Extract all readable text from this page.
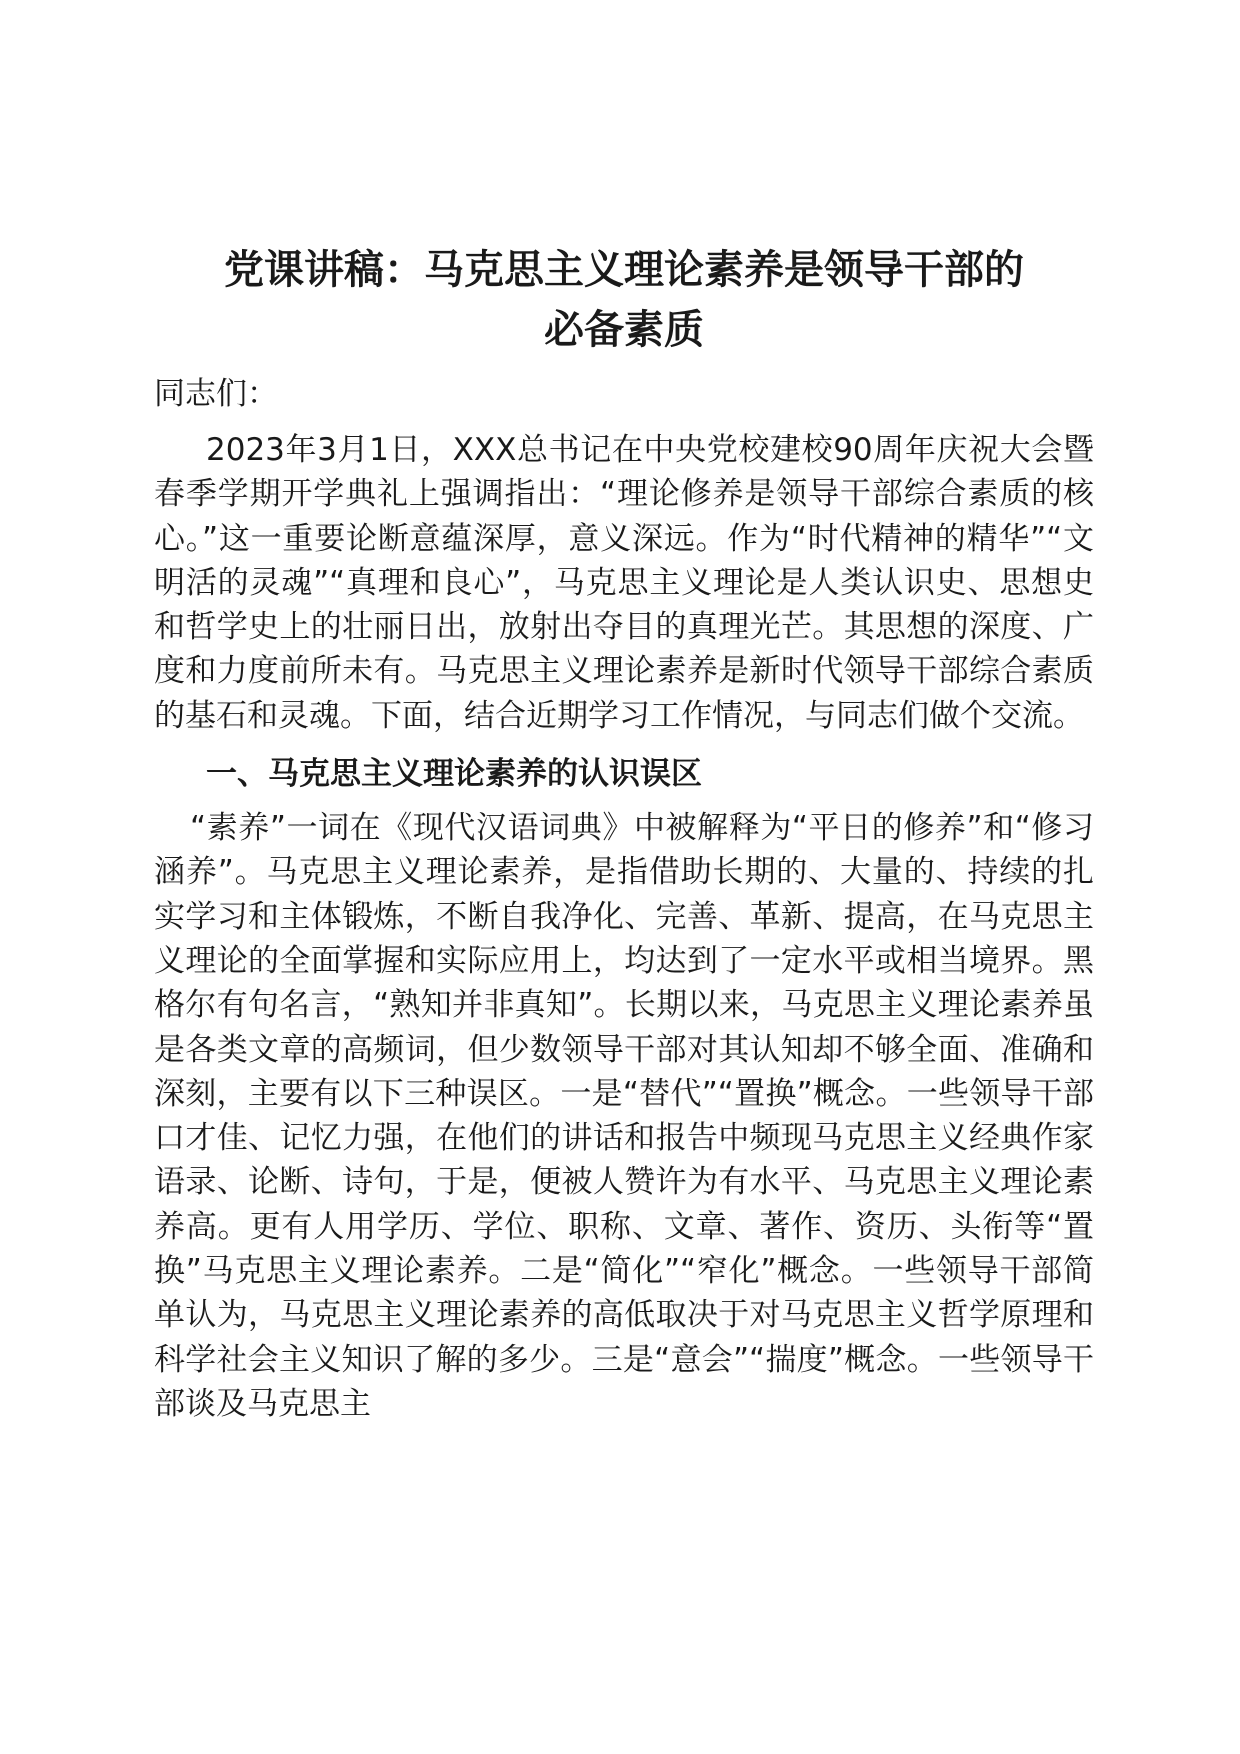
党课讲稿：马克思主义理论素养是领导干部的
必备素质

同志们：

2023年3月1日，XXX总书记在中央党校建校90周年庆祝大会暨春季学期开学典礼上强调指出：“理论修养是领导干部综合素质的核心。”这一重要论断意蕴深厚，意义深远。作为“时代精神的精华”“文明活的灵魂”“真理和良心”，马克思主义理论是人类认识史、思想史和哲学史上的壮丽日出，放射出夺目的真理光芒。其思想的深度、广度和力度前所未有。马克思主义理论素养是新时代领导干部综合素质的基石和灵魂。下面，结合近期学习工作情况，与同志们做个交流。

一、马克思主义理论素养的认识误区

“素养”一词在《现代汉语词典》中被解释为“平日的修养”和“修习涵养”。马克思主义理论素养，是指借助长期的、大量的、持续的扎实学习和主体锻炼，不断自我净化、完善、革新、提高，在马克思主义理论的全面掌握和实际应用上，均达到了一定水平或相当境界。黑格尔有句名言，“熟知并非真知”。长期以来，马克思主义理论素养虽是各类文章的高频词，但少数领导干部对其认知却不够全面、准确和深刻，主要有以下三种误区。一是“替代”“置换”概念。一些领导干部口才佳、记忆力强，在他们的讲话和报告中频现马克思主义经典作家语录、论断、诗句，于是，便被人赞许为有水平、马克思主义理论素养高。更有人用学历、学位、职称、文章、著作、资历、头衔等“置换”马克思主义理论素养。二是“简化”“窄化”概念。一些领导干部简单认为，马克思主义理论素养的高低取决于对马克思主义哲学原理和科学社会主义知识了解的多少。三是“意会”“揣度”概念。一些领导干部谈及马克思主
